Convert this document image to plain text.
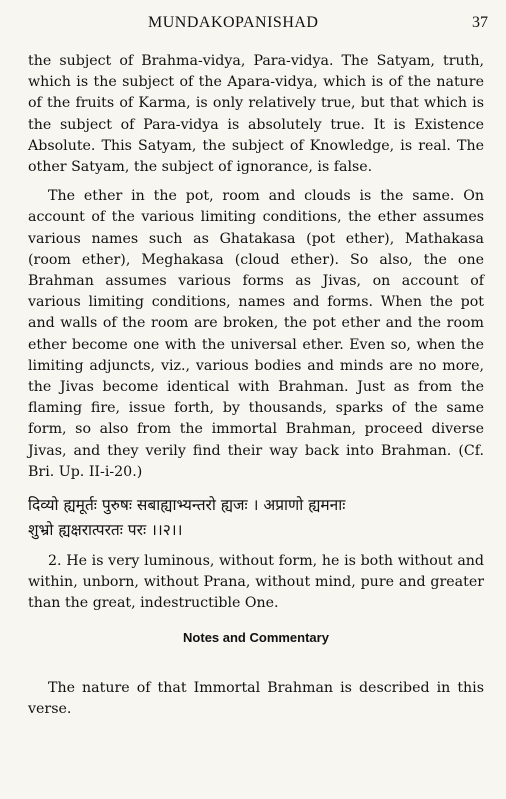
MUNDAKOPANISHAD	37

the subject of Brahma-vidya, Para-vidya. The Satyam, truth, which is the subject of the Apara-vidya, which is of the nature of the fruits of Karma, is only relatively true, but that which is the subject of Para-vidya is absolutely true. It is Existence Absolute. This Satyam, the subject of Knowledge, is real. The other Satyam, the subject of ignorance, is false.

The ether in the pot, room and clouds is the same. On account of the various limiting conditions, the ether assumes various names such as Ghatakasa (pot ether), Mathakasa (room ether), Meghakasa (cloud ether). So also, the one Brahman assumes various forms as Jivas, on account of various limiting conditions, names and forms. When the pot and walls of the room are broken, the pot ether and the room ether become one with the universal ether. Even so, when the limiting adjuncts, viz., various bodies and minds are no more, the Jivas become identical with Brahman. Just as from the flaming fire, issue forth, by thousands, sparks of the same form, so also from the immortal Brahman, proceed diverse Jivas, and they verily find their way back into Brahman. (Cf. Bri. Up. II-i-20.)

दिव्यो ह्यमूर्तः पुरुषः सबाह्याभ्यन्तरो ह्यजः । अप्राणो ह्यमनाः
शुभ्रो ह्यक्षरात्परतः परः ।।२।।

2. He is very luminous, without form, he is both without and within, unborn, without Prana, without mind, pure and greater than the great, indestructible One.

Notes and Commentary

The nature of that Immortal Brahman is described in this verse.
